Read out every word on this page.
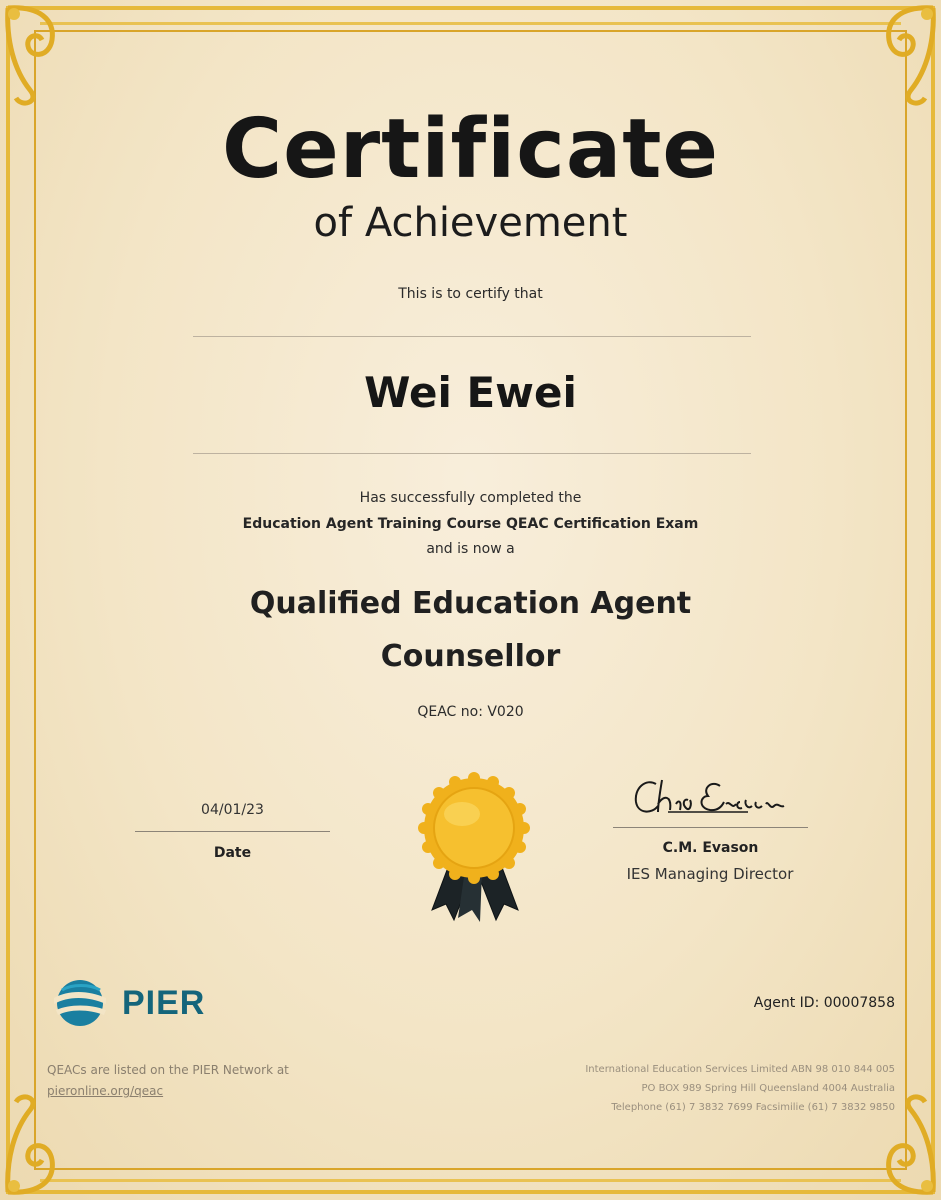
Certificate
of Achievement
This is to certify that
Wei Ewei
Has successfully completed the
Education Agent Training Course QEAC Certification Exam
and is now a
Qualified Education Agent
Counsellor
QEAC no: V020
04/01/23
Date	C.M. Evason
IES Managing Director
PIER	Agent ID: 00007858
QEACs are listed on the PIER Network at
pieronline.org/qeac
International Education Services Limited ABN 98 010 844 005
PO BOX 989 Spring Hill Queensland 4004 Australia
Telephone (61) 7 3832 7699 Facsimilie (61) 7 3832 9850
